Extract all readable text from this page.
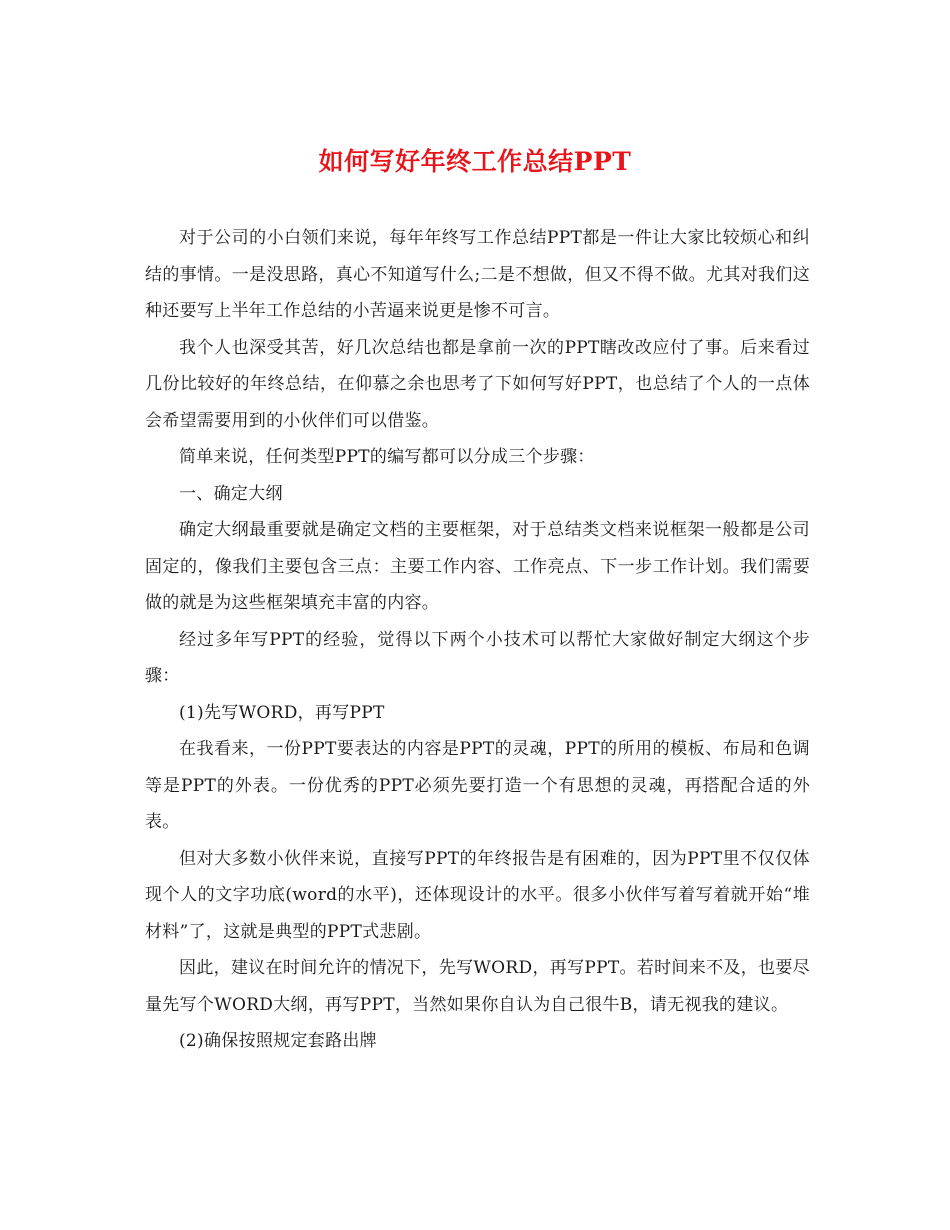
如何写好年终工作总结PPT

对于公司的小白领们来说，每年年终写工作总结PPT都是一件让大家比较烦心和纠结的事情。一是没思路，真心不知道写什么;二是不想做，但又不得不做。尤其对我们这种还要写上半年工作总结的小苦逼来说更是惨不可言。

我个人也深受其苦，好几次总结也都是拿前一次的PPT瞎改改应付了事。后来看过几份比较好的年终总结，在仰慕之余也思考了下如何写好PPT，也总结了个人的一点体会希望需要用到的小伙伴们可以借鉴。

简单来说，任何类型PPT的编写都可以分成三个步骤：

一、确定大纲

确定大纲最重要就是确定文档的主要框架，对于总结类文档来说框架一般都是公司固定的，像我们主要包含三点：主要工作内容、工作亮点、下一步工作计划。我们需要做的就是为这些框架填充丰富的内容。

经过多年写PPT的经验，觉得以下两个小技术可以帮忙大家做好制定大纲这个步骤：

(1)先写WORD，再写PPT

在我看来，一份PPT要表达的内容是PPT的灵魂，PPT的所用的模板、布局和色调等是PPT的外表。一份优秀的PPT必须先要打造一个有思想的灵魂，再搭配合适的外表。

但对大多数小伙伴来说，直接写PPT的年终报告是有困难的，因为PPT里不仅仅体现个人的文字功底(word的水平)，还体现设计的水平。很多小伙伴写着写着就开始“堆材料”了，这就是典型的PPT式悲剧。

因此，建议在时间允许的情况下，先写WORD，再写PPT。若时间来不及，也要尽量先写个WORD大纲，再写PPT，当然如果你自认为自己很牛B，请无视我的建议。

(2)确保按照规定套路出牌
